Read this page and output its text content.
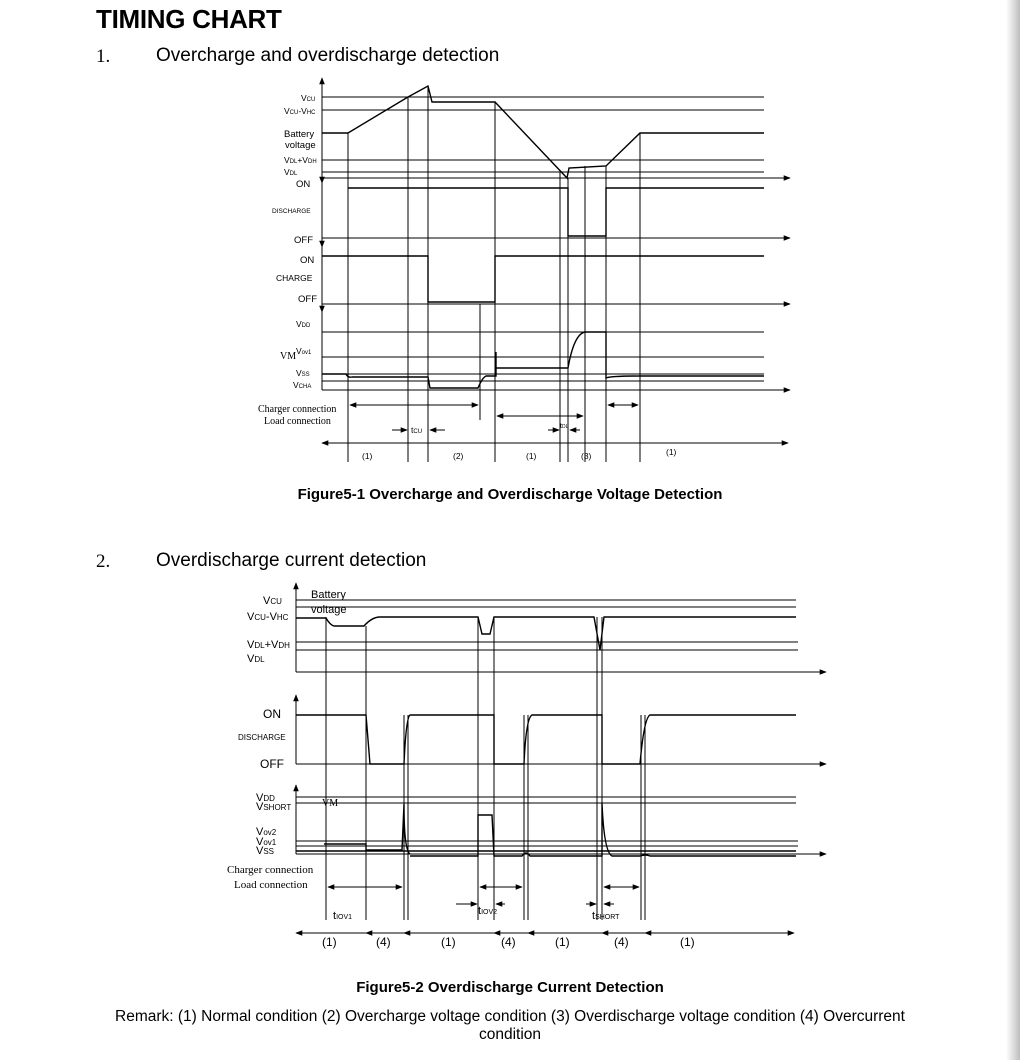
TIMING CHART
1. Overcharge and overdischarge detection
2. Overdischarge current detection
VCU
VCU-VHC
Battery
voltage
VDL+VDH
VDL
ON
DISCHARGE
OFF
ON
CHARGE
OFF
VDD
VM Vov1
VSS
VCHA
Charger connection
Load connection
tCU
tDL
(1)	(2)	(1)	(3)	(1)
VCU
Battery
voltage
VCU-VHC
VDL+VDH
VDL
ON
DISCHARGE
OFF
VDD
VSHORT	VM
Vov2
Vov1
VSS
Charger connection
Load connection
tIOV1
tIOV2	tSHORT
(1)	(4)	(1)	(4)	(1)	(4)	(1)
Figure5-1 Overcharge and Overdischarge Voltage Detection
Figure5-2 Overdischarge Current Detection
Remark: (1) Normal condition (2) Overcharge voltage condition (3) Overdischarge voltage condition (4) Overcurrent condition
